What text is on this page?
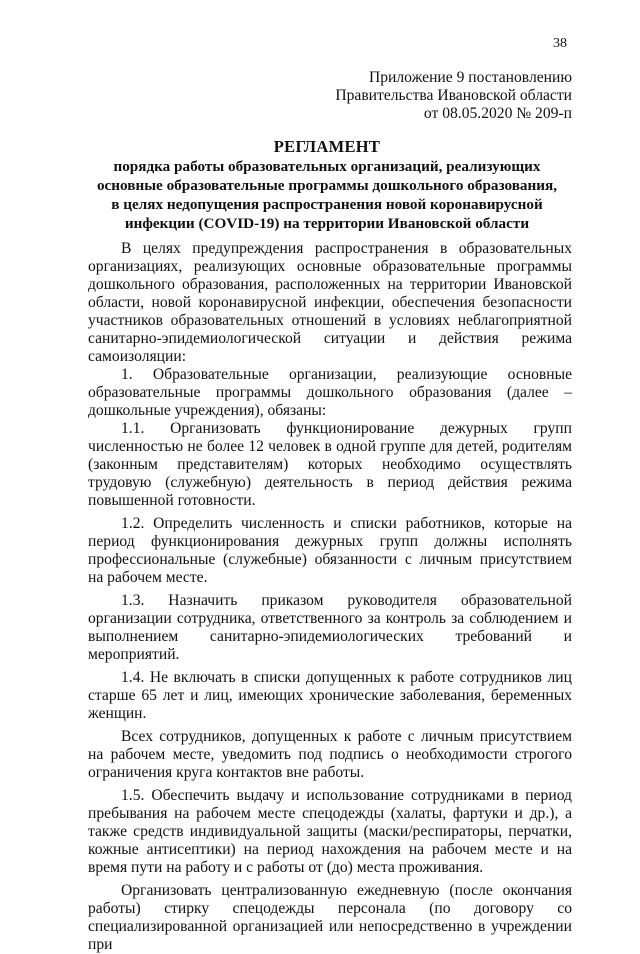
38
Приложение 9 постановлению
Правительства Ивановской области
от 08.05.2020 № 209-п
РЕГЛАМЕНТ
порядка работы образовательных организаций, реализующих
основные образовательные программы дошкольного образования,
в целях недопущения распространения новой коронавирусной
инфекции (COVID-19) на территории Ивановской области

В целях предупреждения распространения в образовательных организациях, реализующих основные образовательные программы дошкольного образования, расположенных на территории Ивановской области, новой коронавирусной инфекции, обеспечения безопасности участников образовательных отношений в условиях неблагоприятной санитарно-эпидемиологической ситуации и действия режима самоизоляции:

1. Образовательные организации, реализующие основные образовательные программы дошкольного образования (далее – дошкольные учреждения), обязаны:

1.1. Организовать функционирование дежурных групп численностью не более 12 человек в одной группе для детей, родителям (законным представителям) которых необходимо осуществлять трудовую (служебную) деятельность в период действия режима повышенной готовности.

1.2. Определить численность и списки работников, которые на период функционирования дежурных групп должны исполнять профессиональные (служебные) обязанности с личным присутствием на рабочем месте.

1.3. Назначить приказом руководителя образовательной организации сотрудника, ответственного за контроль за соблюдением и выполнением санитарно-эпидемиологических требований и мероприятий.

1.4. Не включать в списки допущенных к работе сотрудников лиц старше 65 лет и лиц, имеющих хронические заболевания, беременных женщин.

Всех сотрудников, допущенных к работе с личным присутствием на рабочем месте, уведомить под подпись о необходимости строгого ограничения круга контактов вне работы.

1.5. Обеспечить выдачу и использование сотрудниками в период пребывания на рабочем месте спецодежды (халаты, фартуки и др.), а также средств индивидуальной защиты (маски/респираторы, перчатки, кожные антисептики) на период нахождения на рабочем месте и на время пути на работу и с работы от (до) места проживания.

Организовать централизованную ежедневную (после окончания работы) стирку спецодежды персонала (по договору со специализированной организацией или непосредственно в учреждении при
